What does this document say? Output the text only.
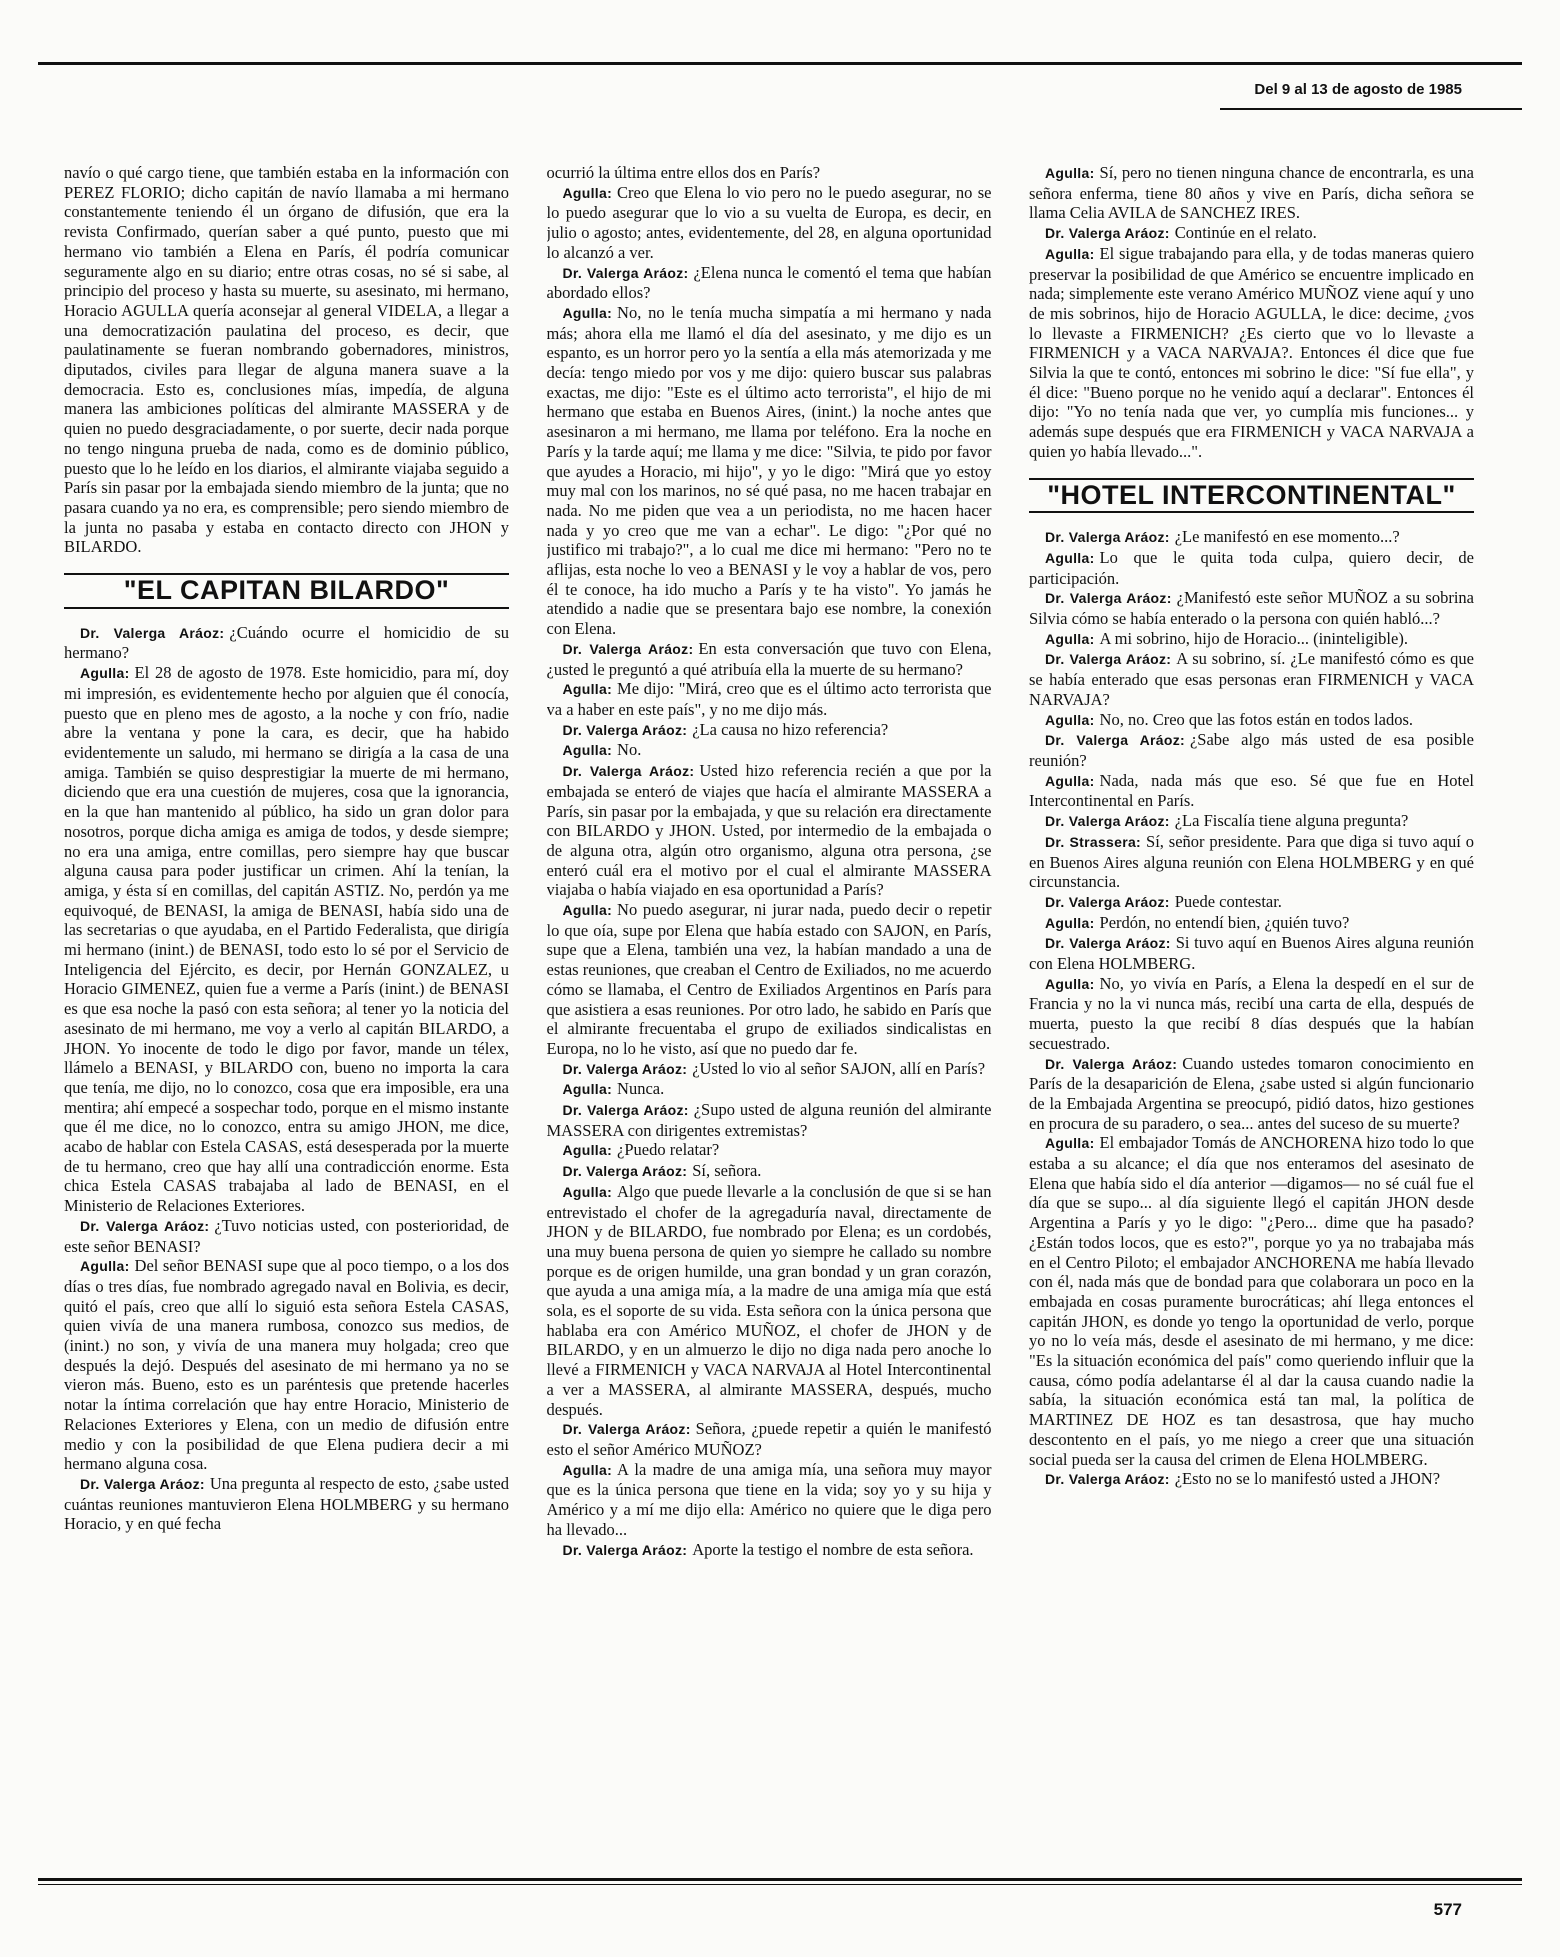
Del 9 al 13 de agosto de 1985

navío o qué cargo tiene, que también estaba en la información con PEREZ FLORIO; dicho capitán de navío llamaba a mi hermano constantemente teniendo él un órgano de difusión, que era la revista Confirmado, querían saber a qué punto, puesto que mi hermano vio también a Elena en París, él podría comunicar seguramente algo en su diario; entre otras cosas, no sé si sabe, al principio del proceso y hasta su muerte, su asesinato, mi hermano, Horacio AGULLA quería aconsejar al general VIDELA, a llegar a una democratización paulatina del proceso, es decir, que paulatinamente se fueran nombrando gobernadores, ministros, diputados, civiles para llegar de alguna manera suave a la democracia. Esto es, conclusiones mías, impedía, de alguna manera las ambiciones políticas del almirante MASSERA y de quien no puedo desgraciadamente, o por suerte, decir nada porque no tengo ninguna prueba de nada, como es de dominio público, puesto que lo he leído en los diarios, el almirante viajaba seguido a París sin pasar por la embajada siendo miembro de la junta; que no pasara cuando ya no era, es comprensible; pero siendo miembro de la junta no pasaba y estaba en contacto directo con JHON y BILARDO.

"EL CAPITAN BILARDO"

Dr. Valerga Aráoz: ¿Cuándo ocurre el homicidio de su hermano?

Agulla: El 28 de agosto de 1978. Este homicidio, para mí, doy mi impresión, es evidentemente hecho por alguien que él conocía, puesto que en pleno mes de agosto, a la noche y con frío, nadie abre la ventana y pone la cara, es decir, que ha habido evidentemente un saludo, mi hermano se dirigía a la casa de una amiga. También se quiso desprestigiar la muerte de mi hermano, diciendo que era una cuestión de mujeres, cosa que la ignorancia, en la que han mantenido al público, ha sido un gran dolor para nosotros, porque dicha amiga es amiga de todos, y desde siempre; no era una amiga, entre comillas, pero siempre hay que buscar alguna causa para poder justificar un crimen. Ahí la tenían, la amiga, y ésta sí en comillas, del capitán ASTIZ. No, perdón ya me equivoqué, de BENASI, la amiga de BENASI, había sido una de las secretarias o que ayudaba, en el Partido Federalista, que dirigía mi hermano (inint.) de BENASI, todo esto lo sé por el Servicio de Inteligencia del Ejército, es decir, por Hernán GONZALEZ, u Horacio GIMENEZ, quien fue a verme a París (inint.) de BENASI es que esa noche la pasó con esta señora; al tener yo la noticia del asesinato de mi hermano, me voy a verlo al capitán BILARDO, a JHON. Yo inocente de todo le digo por favor, mande un télex, llámelo a BENASI, y BILARDO con, bueno no importa la cara que tenía, me dijo, no lo conozco, cosa que era imposible, era una mentira; ahí empecé a sospechar todo, porque en el mismo instante que él me dice, no lo conozco, entra su amigo JHON, me dice, acabo de hablar con Estela CASAS, está desesperada por la muerte de tu hermano, creo que hay allí una contradicción enorme. Esta chica Estela CASAS trabajaba al lado de BENASI, en el Ministerio de Relaciones Exteriores.

Dr. Valerga Aráoz: ¿Tuvo noticias usted, con posterioridad, de este señor BENASI?

Agulla: Del señor BENASI supe que al poco tiempo, o a los dos días o tres días, fue nombrado agregado naval en Bolivia, es decir, quitó el país, creo que allí lo siguió esta señora Estela CASAS, quien vivía de una manera rumbosa, conozco sus medios, de (inint.) no son, y vivía de una manera muy holgada; creo que después la dejó. Después del asesinato de mi hermano ya no se vieron más. Bueno, esto es un paréntesis que pretende hacerles notar la íntima correlación que hay entre Horacio, Ministerio de Relaciones Exteriores y Elena, con un medio de difusión entre medio y con la posibilidad de que Elena pudiera decir a mi hermano alguna cosa.

Dr. Valerga Aráoz: Una pregunta al respecto de esto, ¿sabe usted cuántas reuniones mantuvieron Elena HOLMBERG y su hermano Horacio, y en qué fecha

ocurrió la última entre ellos dos en París?

Agulla: Creo que Elena lo vio pero no le puedo asegurar, no se lo puedo asegurar que lo vio a su vuelta de Europa, es decir, en julio o agosto; antes, evidentemente, del 28, en alguna oportunidad lo alcanzó a ver.

Dr. Valerga Aráoz: ¿Elena nunca le comentó el tema que habían abordado ellos?

Agulla: No, no le tenía mucha simpatía a mi hermano y nada más; ahora ella me llamó el día del asesinato, y me dijo es un espanto, es un horror pero yo la sentía a ella más atemorizada y me decía: tengo miedo por vos y me dijo: quiero buscar sus palabras exactas, me dijo: "Este es el último acto terrorista", el hijo de mi hermano que estaba en Buenos Aires, (inint.) la noche antes que asesinaron a mi hermano, me llama por teléfono. Era la noche en París y la tarde aquí; me llama y me dice: "Silvia, te pido por favor que ayudes a Horacio, mi hijo", y yo le digo: "Mirá que yo estoy muy mal con los marinos, no sé qué pasa, no me hacen trabajar en nada. No me piden que vea a un periodista, no me hacen hacer nada y yo creo que me van a echar". Le digo: "¿Por qué no justifico mi trabajo?", a lo cual me dice mi hermano: "Pero no te aflijas, esta noche lo veo a BENASI y le voy a hablar de vos, pero él te conoce, ha ido mucho a París y te ha visto". Yo jamás he atendido a nadie que se presentara bajo ese nombre, la conexión con Elena.

Dr. Valerga Aráoz: En esta conversación que tuvo con Elena, ¿usted le preguntó a qué atribuía ella la muerte de su hermano?

Agulla: Me dijo: "Mirá, creo que es el último acto terrorista que va a haber en este país", y no me dijo más.

Dr. Valerga Aráoz: ¿La causa no hizo referencia?

Agulla: No.

Dr. Valerga Aráoz: Usted hizo referencia recién a que por la embajada se enteró de viajes que hacía el almirante MASSERA a París, sin pasar por la embajada, y que su relación era directamente con BILARDO y JHON. Usted, por intermedio de la embajada o de alguna otra, algún otro organismo, alguna otra persona, ¿se enteró cuál era el motivo por el cual el almirante MASSERA viajaba o había viajado en esa oportunidad a París?

Agulla: No puedo asegurar, ni jurar nada, puedo decir o repetir lo que oía, supe por Elena que había estado con SAJON, en París, supe que a Elena, también una vez, la habían mandado a una de estas reuniones, que creaban el Centro de Exiliados, no me acuerdo cómo se llamaba, el Centro de Exiliados Argentinos en París para que asistiera a esas reuniones. Por otro lado, he sabido en París que el almirante frecuentaba el grupo de exiliados sindicalistas en Europa, no lo he visto, así que no puedo dar fe.

Dr. Valerga Aráoz: ¿Usted lo vio al señor SAJON, allí en París?

Agulla: Nunca.

Dr. Valerga Aráoz: ¿Supo usted de alguna reunión del almirante MASSERA con dirigentes extremistas?

Agulla: ¿Puedo relatar?

Dr. Valerga Aráoz: Sí, señora.

Agulla: Algo que puede llevarle a la conclusión de que si se han entrevistado el chofer de la agregaduría naval, directamente de JHON y de BILARDO, fue nombrado por Elena; es un cordobés, una muy buena persona de quien yo siempre he callado su nombre porque es de origen humilde, una gran bondad y un gran corazón, que ayuda a una amiga mía, a la madre de una amiga mía que está sola, es el soporte de su vida. Esta señora con la única persona que hablaba era con Américo MUÑOZ, el chofer de JHON y de BILARDO, y en un almuerzo le dijo no diga nada pero anoche lo llevé a FIRMENICH y VACA NARVAJA al Hotel Intercontinental a ver a MASSERA, al almirante MASSERA, después, mucho después.

Dr. Valerga Aráoz: Señora, ¿puede repetir a quién le manifestó esto el señor Américo MUÑOZ?

Agulla: A la madre de una amiga mía, una señora muy mayor que es la única persona que tiene en la vida; soy yo y su hija y Américo y a mí me dijo ella: Américo no quiere que le diga pero ha llevado...

Dr. Valerga Aráoz: Aporte la testigo el nombre de esta señora.

Agulla: Sí, pero no tienen ninguna chance de encontrarla, es una señora enferma, tiene 80 años y vive en París, dicha señora se llama Celia AVILA de SANCHEZ IRES.

Dr. Valerga Aráoz: Continúe en el relato.

Agulla: El sigue trabajando para ella, y de todas maneras quiero preservar la posibilidad de que Américo se encuentre implicado en nada; simplemente este verano Américo MUÑOZ viene aquí y uno de mis sobrinos, hijo de Horacio AGULLA, le dice: decime, ¿vos lo llevaste a FIRMENICH? ¿Es cierto que vo lo llevaste a FIRMENICH y a VACA NARVAJA?. Entonces él dice que fue Silvia la que te contó, entonces mi sobrino le dice: "Sí fue ella", y él dice: "Bueno porque no he venido aquí a declarar". Entonces él dijo: "Yo no tenía nada que ver, yo cumplía mis funciones... y además supe después que era FIRMENICH y VACA NARVAJA a quien yo había llevado...".

"HOTEL INTERCONTINENTAL"

Dr. Valerga Aráoz: ¿Le manifestó en ese momento...?

Agulla: Lo que le quita toda culpa, quiero decir, de participación.

Dr. Valerga Aráoz: ¿Manifestó este señor MUÑOZ a su sobrina Silvia cómo se había enterado o la persona con quién habló...?

Agulla: A mi sobrino, hijo de Horacio... (ininteligible).

Dr. Valerga Aráoz: A su sobrino, sí. ¿Le manifestó cómo es que se había enterado que esas personas eran FIRMENICH y VACA NARVAJA?

Agulla: No, no. Creo que las fotos están en todos lados.

Dr. Valerga Aráoz: ¿Sabe algo más usted de esa posible reunión?

Agulla: Nada, nada más que eso. Sé que fue en Hotel Intercontinental en París.

Dr. Valerga Aráoz: ¿La Fiscalía tiene alguna pregunta?

Dr. Strassera: Sí, señor presidente. Para que diga si tuvo aquí o en Buenos Aires alguna reunión con Elena HOLMBERG y en qué circunstancia.

Dr. Valerga Aráoz: Puede contestar.

Agulla: Perdón, no entendí bien, ¿quién tuvo?

Dr. Valerga Aráoz: Si tuvo aquí en Buenos Aires alguna reunión con Elena HOLMBERG.

Agulla: No, yo vivía en París, a Elena la despedí en el sur de Francia y no la vi nunca más, recibí una carta de ella, después de muerta, puesto la que recibí 8 días después que la habían secuestrado.

Dr. Valerga Aráoz: Cuando ustedes tomaron conocimiento en París de la desaparición de Elena, ¿sabe usted si algún funcionario de la Embajada Argentina se preocupó, pidió datos, hizo gestiones en procura de su paradero, o sea... antes del suceso de su muerte?

Agulla: El embajador Tomás de ANCHORENA hizo todo lo que estaba a su alcance; el día que nos enteramos del asesinato de Elena que había sido el día anterior —digamos— no sé cuál fue el día que se supo... al día siguiente llegó el capitán JHON desde Argentina a París y yo le digo: "¿Pero... dime que ha pasado? ¿Están todos locos, que es esto?", porque yo ya no trabajaba más en el Centro Piloto; el embajador ANCHORENA me había llevado con él, nada más que de bondad para que colaborara un poco en la embajada en cosas puramente burocráticas; ahí llega entonces el capitán JHON, es donde yo tengo la oportunidad de verlo, porque yo no lo veía más, desde el asesinato de mi hermano, y me dice: "Es la situación económica del país" como queriendo influir que la causa, cómo podía adelantarse él al dar la causa cuando nadie la sabía, la situación económica está tan mal, la política de MARTINEZ DE HOZ es tan desastrosa, que hay mucho descontento en el país, yo me niego a creer que una situación social pueda ser la causa del crimen de Elena HOLMBERG.

Dr. Valerga Aráoz: ¿Esto no se lo manifestó usted a JHON?

577
